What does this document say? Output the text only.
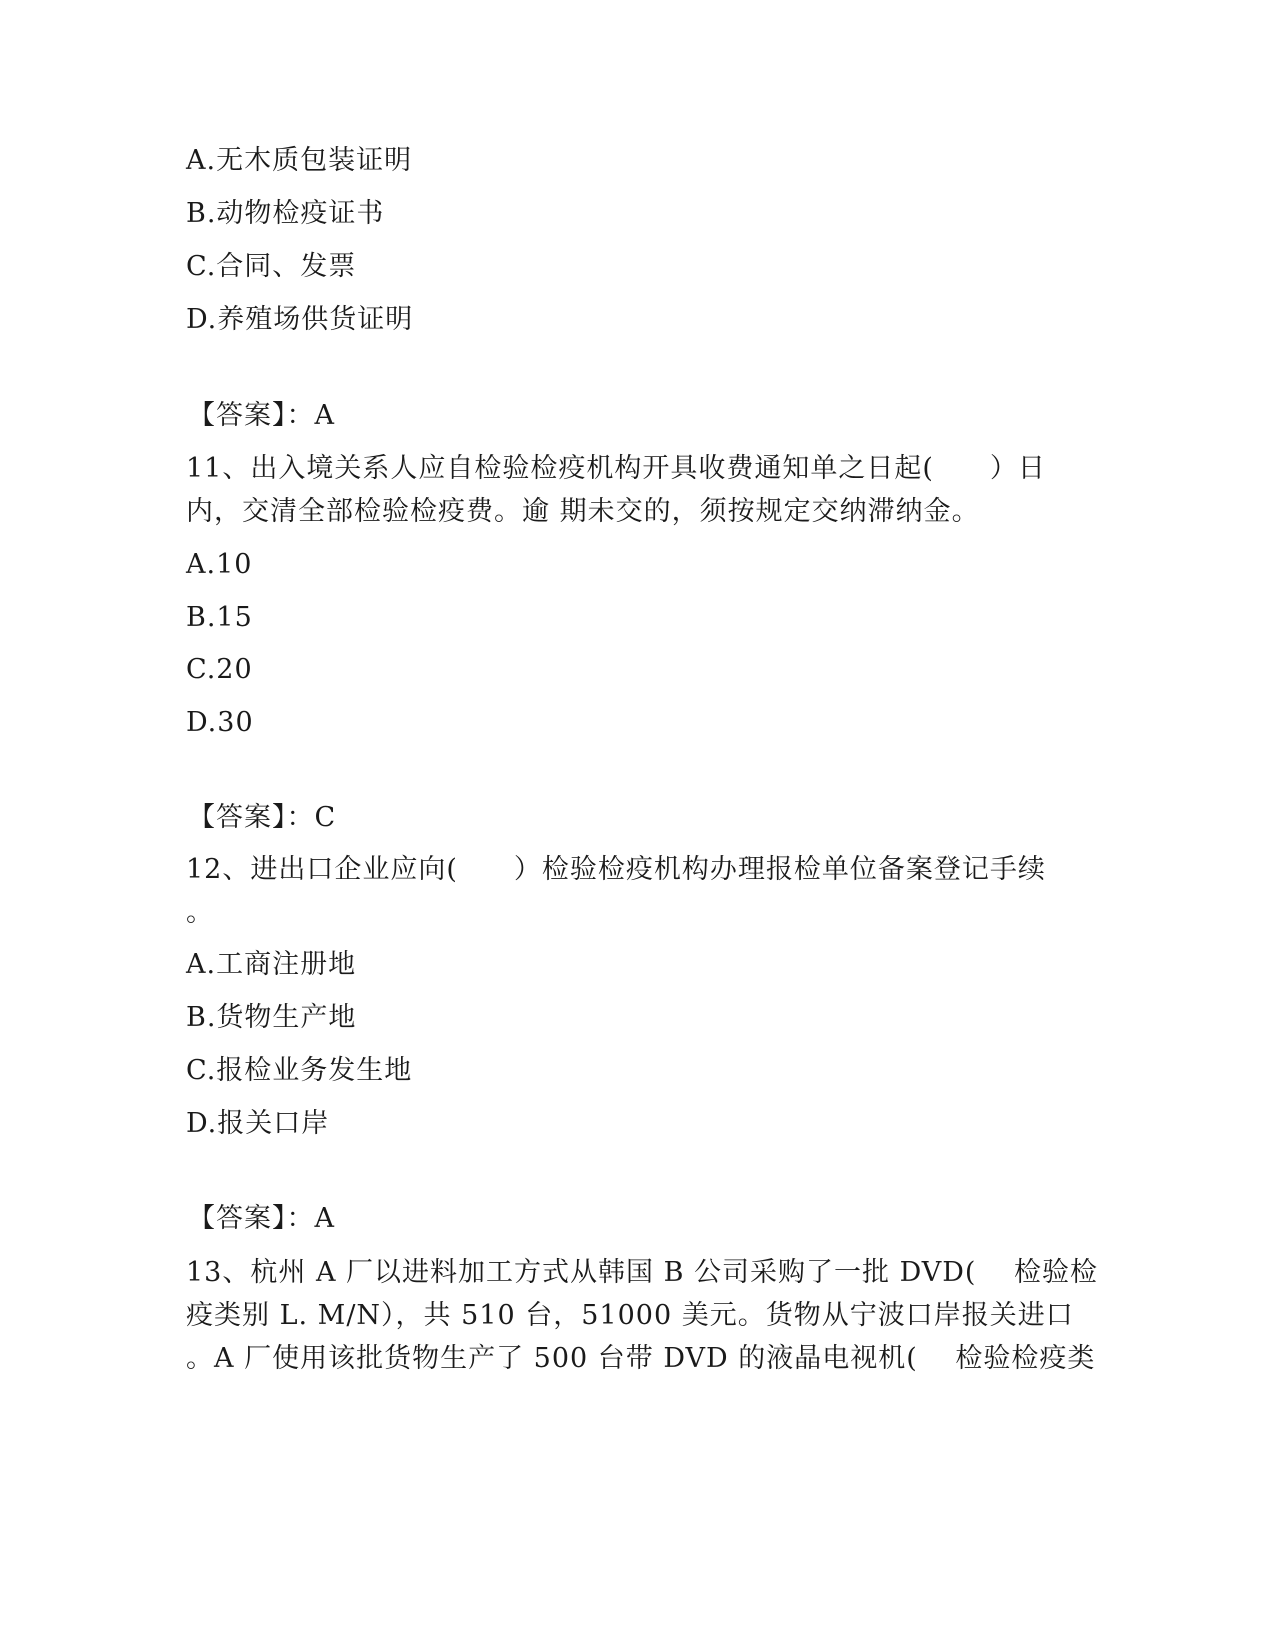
A.无木质包装证明
B.动物检疫证书
C.合同、发票
D.养殖场供货证明
【答案】：A
11、出入境关系人应自检验检疫机构开具收费通知单之日起(　　）日
内，交清全部检验检疫费。逾 期未交的，须按规定交纳滞纳金。
A.10
B.15
C.20
D.30
【答案】：C
12、进出口企业应向(　　）检验检疫机构办理报检单位备案登记手续
。
A.工商注册地
B.货物生产地
C.报检业务发生地
D.报关口岸
【答案】：A
13、杭州 A 厂以进料加工方式从韩国 B 公司采购了一批 DVD(　 检验检
疫类别 L. M/N），共 510 台，51000 美元。货物从宁波口岸报关进口
。A 厂使用该批货物生产了 500 台带 DVD 的液晶电视机(　 检验检疫类
